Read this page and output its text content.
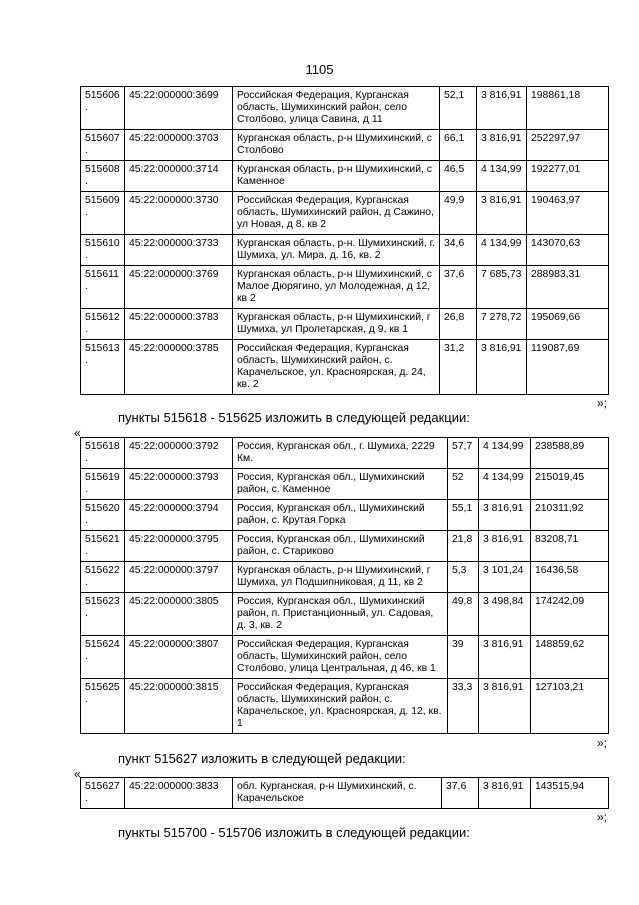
1105
515606.	45:22:000000:3699	Российская Федерация, Курганская область, Шумихинский район, село Столбово, улица Савина, д 11	52,1	3 816,91	198861,18
515607.	45:22:000000:3703	Курганская область, р-н Шумихинский, с Столбово	66,1	3 816,91	252297,97
515608.	45:22:000000:3714	Курганская область, р-н Шумихинский, с Каменное	46,5	4 134,99	192277,01
515609.	45:22:000000:3730	Российская Федерация, Курганская область, Шумихинский район, д Сажино, ул Новая, д 8, кв 2	49,9	3 816,91	190463,97
515610.	45:22:000000:3733	Курганская область, р-н. Шумихинский, г. Шумиха, ул. Мира, д. 16, кв. 2	34,6	4 134,99	143070,63
515611.	45:22:000000:3769	Курганская область, р-н Шумихинский, с Малое Дюрягино, ул Молодежная, д 12, кв 2	37,6	7 685,73	288983,31
515612.	45:22:000000:3783	Курганская область, р-н Шумихинский, г Шумиха, ул Пролетарская, д 9, кв 1	26,8	7 278,72	195069,66
515613.	45:22:000000:3785	Российская Федерация, Курганская область, Шумихинский район, с. Карачельское, ул. Красноярская, д. 24, кв. 2	31,2	3 816,91	119087,69
»;
пункты 515618 - 515625 изложить в следующей редакции:
«
515618.	45:22:000000:3792	Россия, Курганская обл., г. Шумиха, 2229 Км.	57,7	4 134,99	238588,89
515619.	45:22:000000:3793	Россия, Курганская обл., Шумихинский район, с. Каменное	52	4 134,99	215019,45
515620.	45:22:000000:3794	Россия, Курганская обл., Шумихинский район, с. Крутая Горка	55,1	3 816,91	210311,92
515621.	45:22:000000:3795	Россия, Курганская обл., Шумихинский район, с. Стариково	21,8	3 816,91	83208,71
515622.	45:22:000000:3797	Курганская область, р-н Шумихинский, г Шумиха, ул Подшипниковая, д 11, кв 2	5,3	3 101,24	16436,58
515623.	45:22:000000:3805	Россия, Курганская обл., Шумихинский район, п. Пристанционный, ул. Садовая, д. 3, кв. 2	49,8	3 498,84	174242,09
515624.	45:22:000000:3807	Российская Федерация, Курганская область, Шумихинский район, село Столбово, улица Центральная, д 46, кв 1	39	3 816,91	148859,62
515625.	45:22:000000:3815	Российская Федерация, Курганская область, Шумихинский район, с. Карачельское, ул. Красноярская, д. 12, кв. 1	33,3	3 816,91	127103,21
»;
пункт 515627 изложить в следующей редакции:
«
515627.	45:22:000000:3833	обл. Курганская, р-н Шумихинский, с. Карачельское	37,6	3 816,91	143515,94
»;
пункты 515700 - 515706 изложить в следующей редакции:
